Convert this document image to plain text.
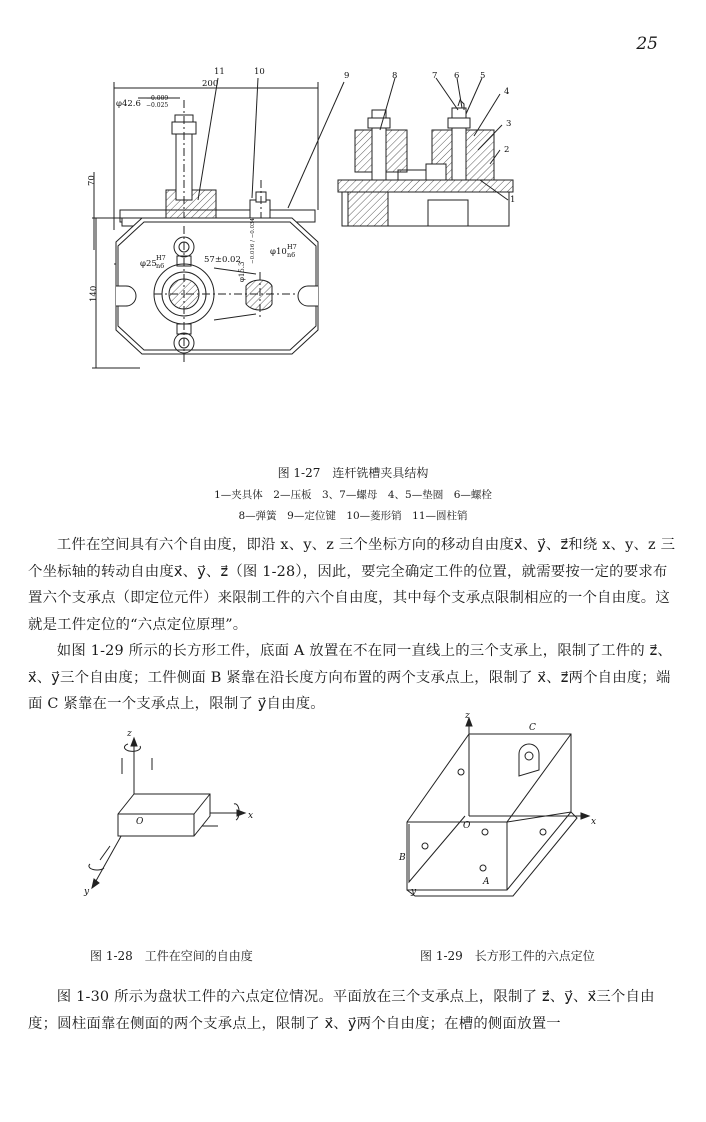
25
200
φ42.6
−0.009
−0.025
70
57±0.02
φ10 H7
n6
φ25
H7
n6
140
φ15.3
−0.016 / −0.034
11	10	9	8	7 6 5
4
3
2
1
图 1-27　连杆铣槽夹具结构
1—夹具体　2—压板　3、7—螺母　4、5—垫圈　6—螺栓
8—弹簧　9—定位键　10—菱形销　11—圆柱销

工件在空间具有六个自由度，即沿 x、y、z 三个坐标方向的移动自由度x⃗、y⃗、z⃗和绕 x、y、z 三个坐标轴的转动自由度x⃗、y⃗、z⃗（图 1-28），因此，要完全确定工件的位置，就需要按一定的要求布置六个支承点（即定位元件）来限制工件的六个自由度，其中每个支承点限制相应的一个自由度。这就是工件定位的“六点定位原理”。

如图 1-29 所示的长方形工件，底面 A 放置在不在同一直线上的三个支承上，限制了工件的 z⃗、x⃗、y⃗三个自由度；工件侧面 B 紧靠在沿长度方向布置的两个支承点上，限制了 x⃗、z⃗两个自由度；端面 C 紧靠在一个支承点上，限制了 y⃗自由度。

z
x
y
O
图 1-28　工件在空间的自由度
z
x
y
O
A
B
C
图 1-29　长方形工件的六点定位

图 1-30 所示为盘状工件的六点定位情况。平面放在三个支承点上，限制了 z⃗、y⃗、x⃗三个自由度；圆柱面靠在侧面的两个支承点上，限制了 x⃗、y⃗两个自由度；在槽的侧面放置一
